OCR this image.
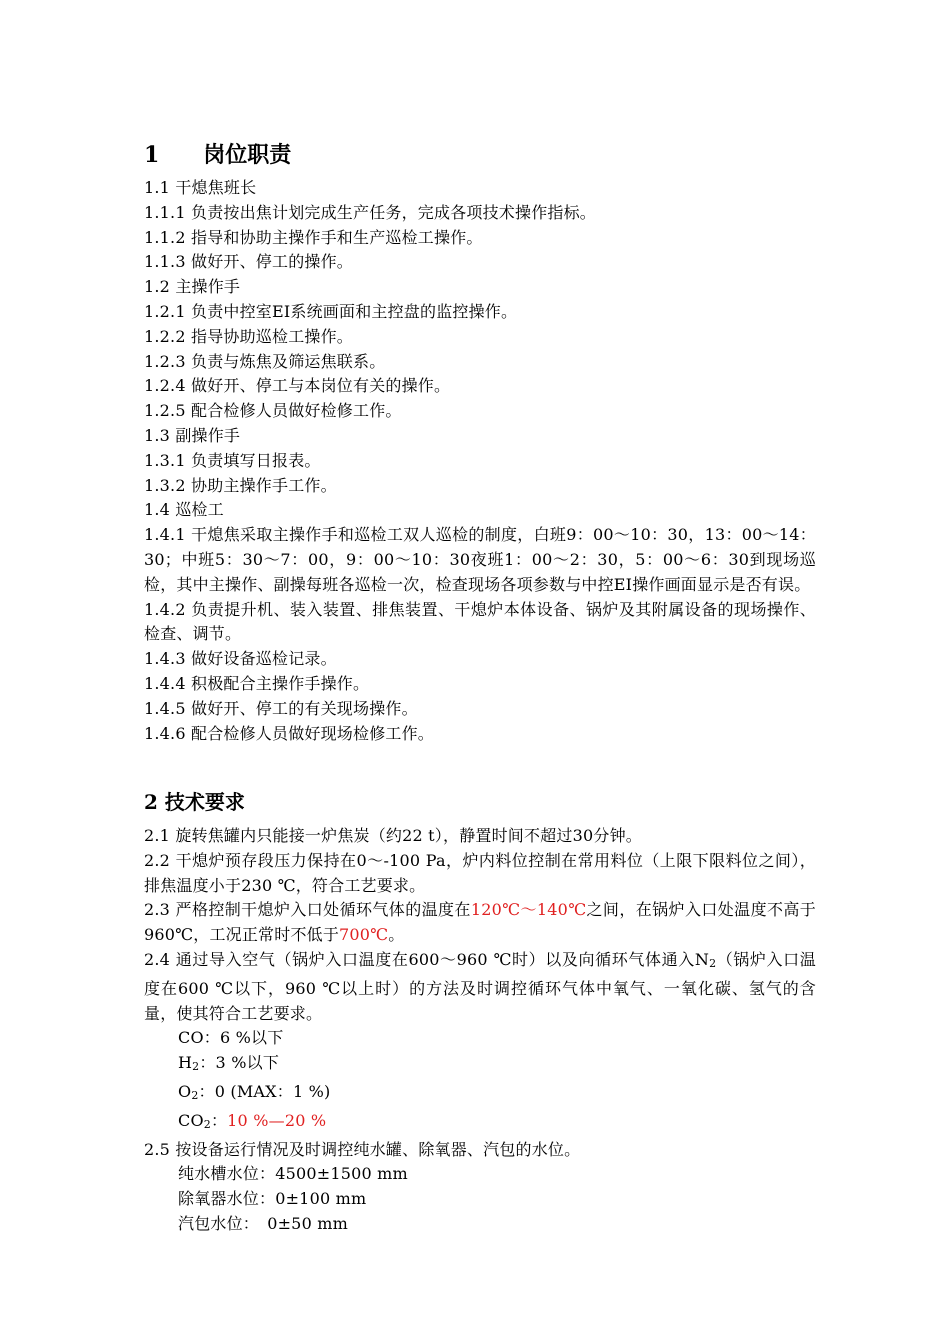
1　　岗位职责
1.1 干熄焦班长
1.1.1 负责按出焦计划完成生产任务，完成各项技术操作指标。
1.1.2 指导和协助主操作手和生产巡检工操作。
1.1.3 做好开、停工的操作。
1.2 主操作手
1.2.1 负责中控室EI系统画面和主控盘的监控操作。
1.2.2 指导协助巡检工操作。
1.2.3 负责与炼焦及筛运焦联系。
1.2.4 做好开、停工与本岗位有关的操作。
1.2.5 配合检修人员做好检修工作。
1.3 副操作手
1.3.1 负责填写日报表。
1.3.2 协助主操作手工作。
1.4 巡检工
1.4.1 干熄焦采取主操作手和巡检工双人巡检的制度，白班9：00～10：30，13：00～14：30；中班5：30～7：00，9：00～10：30夜班1：00～2：30，5：00～6：30到现场巡检，其中主操作、副操每班各巡检一次，检查现场各项参数与中控EI操作画面显示是否有误。
1.4.2 负责提升机、装入装置、排焦装置、干熄炉本体设备、锅炉及其附属设备的现场操作、检查、调节。
1.4.3 做好设备巡检记录。
1.4.4 积极配合主操作手操作。
1.4.5 做好开、停工的有关现场操作。
1.4.6 配合检修人员做好现场检修工作。
2 技术要求
2.1 旋转焦罐内只能接一炉焦炭（约22 t），静置时间不超过30分钟。
2.2 干熄炉预存段压力保持在0～-100 Pa，炉内料位控制在常用料位（上限下限料位之间），排焦温度小于230 ℃，符合工艺要求。
2.3 严格控制干熄炉入口处循环气体的温度在120℃～140℃之间，在锅炉入口处温度不高于960℃，工况正常时不低于700℃。
2.4 通过导入空气（锅炉入口温度在600～960 ℃时）以及向循环气体通入$N_2$（锅炉入口温度在600 ℃以下，960 ℃以上时）的方法及时调控循环气体中氧气、一氧化碳、氢气的含量，使其符合工艺要求。
CO：6 %以下
$H_2$：3 %以下
$O_2$：0 (MAX：1 %)
$CO_2$：10 %—20 %
2.5 按设备运行情况及时调控纯水罐、除氧器、汽包的水位。
纯水槽水位：4500±1500 mm
除氧器水位：0±100 mm
汽包水位：　0±50 mm
